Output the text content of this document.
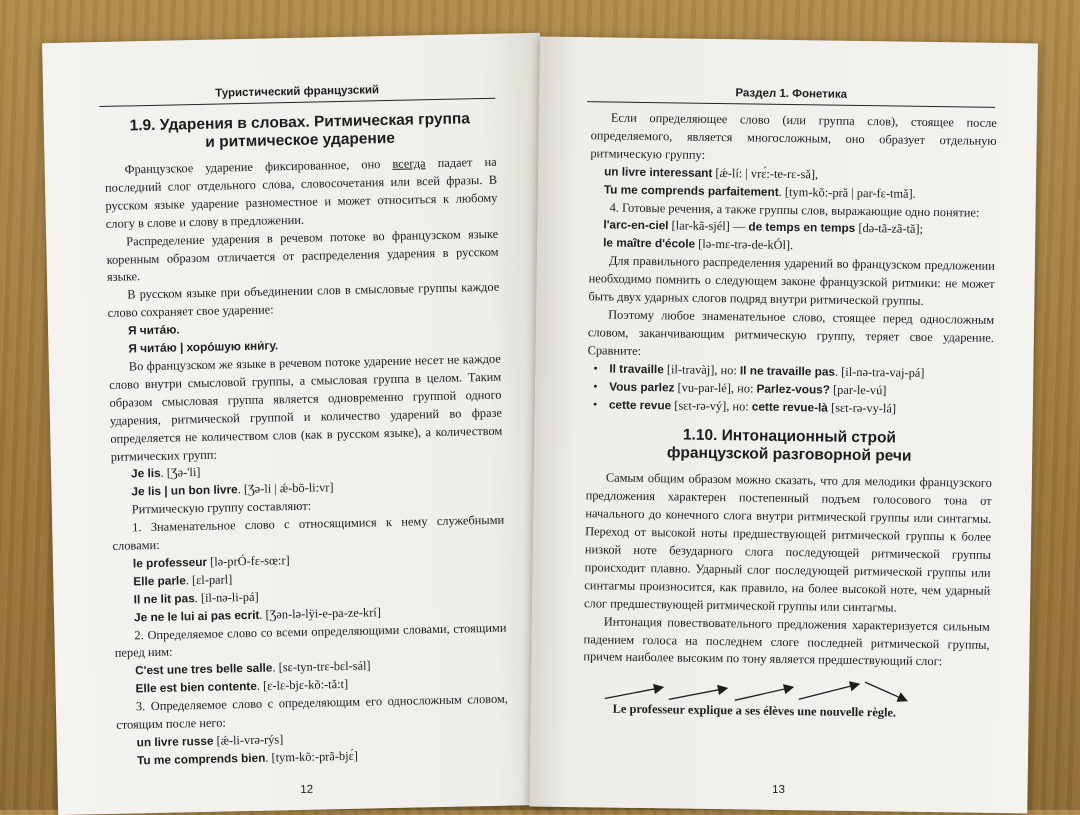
Туристический французский
1.9. Ударения в словах. Ритмическая группа
и ритмическое ударение

Французское ударение фиксированное, оно всегда падает на последний слог отдельного слова, словосочетания или всей фразы. В русском языке ударение разноместное и может относиться к любому слогу в слове и слову в предложении.

Распределение ударения в речевом потоке во французском языке коренным образом отличается от распределения ударения в русском языке.

В русском языке при объединении слов в смысловые группы каждое слово сохраняет свое ударение:

Я читáю.

Я читáю | хорóшую кни́гу.

Во французском же языке в речевом потоке ударение несет не каждое слово внутри смысловой группы, а смысловая группа в целом. Таким образом смысловая группа является одновременно группой одного ударения, ритмической группой и количество ударений во фразе определяется не количеством слов (как в русском языке), а количеством ритмических групп:

Je lis. [Ʒə-'li]

Je lis | un bon livre. [Ʒə-li | ǽ-bõ-li:vr]

Ритмическую группу составляют:

1. Знаменательное слово с относящимися к нему служебными словами:

le professeur [lə-prÓ-fɛ-sœ:r]

Elle parle. [ɛl-parl]

Il ne lit pas. [il-nə-li-pá]

Je ne le lui ai pas ecrit. [Ʒən-lə-lÿi-e-pa-ze-krí]

2. Определяемое слово со всеми определяющими словами, стоящими перед ним:

C'est une tres belle salle. [sɛ-tyn-trɛ-bɛl-sál]

Elle est bien contente. [ɛ-lɛ-bjɛ-kõ:-tǎ:t]

3. Определяемое слово с определяющим его односложным словом, стоящим после него:

un livre russe [ǽ-li-vrə-rýs]

Tu me comprends bien. [tym-kõ:-prã-bjɛ́]

12
Раздел 1. Фонетика

Если определяющее слово (или группа слов), стоящее после определяемого, является многосложным, оно образует отдельную ритмическую группу:

un livre interessant [ǽ-lí: | vrɛ́:-te-rɛ-sǎ],

Tu me comprends parfaitement. [tym-kõ:-prǎ | par-fɛ-tmǎ].

4. Готовые речения, а также группы слов, выражающие одно понятие:

l'arc-en-ciel [lar-kã-sjél] — de temps en temps [də-tã-zã-tǎ];

le maître d'école [lə-mɛ-trə-de-kÓl].

Для правильного распределения ударений во французском предложении необходимо помнить о следующем законе французской ритмики: не может быть двух ударных слогов подряд внутри ритмической группы.

Поэтому любое знаменательное слово, стоящее перед односложным словом, заканчивающим ритмическую группу, теряет свое ударение. Сравните:

• Il travaille [il-travàj], но: Il ne travaille pas. [il-nə-tra-vaj-pá]
• Vous parlez [vu-par-lé], но: Parlez-vous? [par-le-vú]
• cette revue [sɛt-rə-vý], но: cette revue-là [sɛt-rə-vy-lá]
1.10. Интонационный строй
французской разговорной речи

Самым общим образом можно сказать, что для мелодики французского предложения характерен постепенный подъем голосового тона от начального до конечного слога внутри ритмической группы или синтагмы. Переход от высокой ноты предшествующей ритмической группы к более низкой ноте безударного слога последующей ритмической группы происходит плавно. Ударный слог последующей ритмической группы или синтагмы произносится, как правило, на более высокой ноте, чем ударный слог предшествующей ритмической группы или синтагмы.

Интонация повествовательного предложения характеризуется сильным падением голоса на последнем слоге последней ритмической группы, причем наиболее высоким по тону является предшествующий слог:

Le professeur explique a ses élèves une nouvelle règle.
13
